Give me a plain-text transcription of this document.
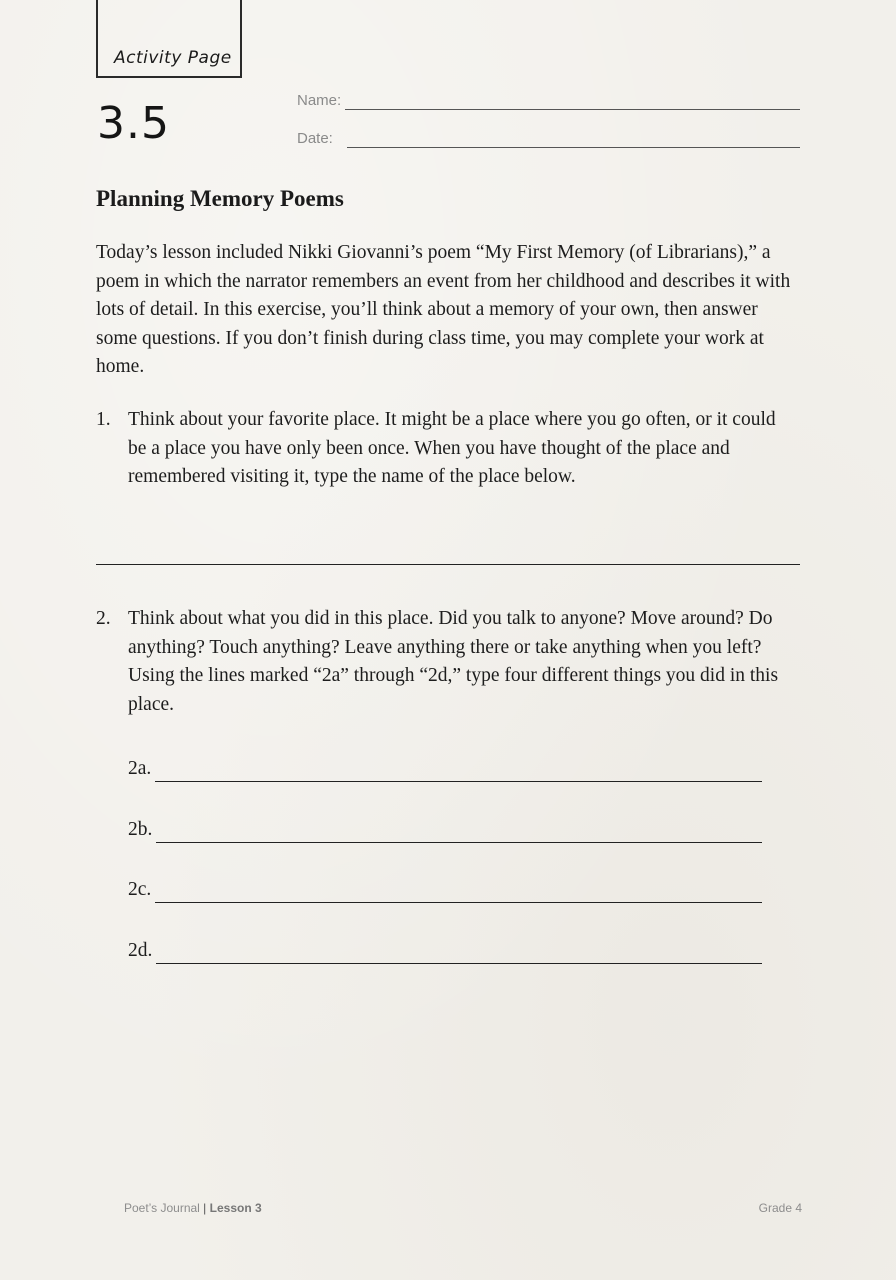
Activity Page
3.5	Name:
Date:
Planning Memory Poems

Today’s lesson included Nikki Giovanni’s poem “My First Memory (of Librarians),” a poem in which the narrator remembers an event from her childhood and describes it with lots of detail. In this exercise, you’ll think about a memory of your own, then answer some questions. If you don’t finish during class time, you may complete your work at home.

1. Think about your favorite place. It might be a place where you go often, or it could be a place you have only been once. When you have thought of the place and remembered visiting it, type the name of the place below.

2. Think about what you did in this place. Did you talk to anyone? Move around? Do anything? Touch anything? Leave anything there or take anything when you left? Using the lines marked “2a” through “2d,” type four different things you did in this place.

2a.
2b.
2c.
2d.
Poet’s Journal | Lesson 3	Grade 4
